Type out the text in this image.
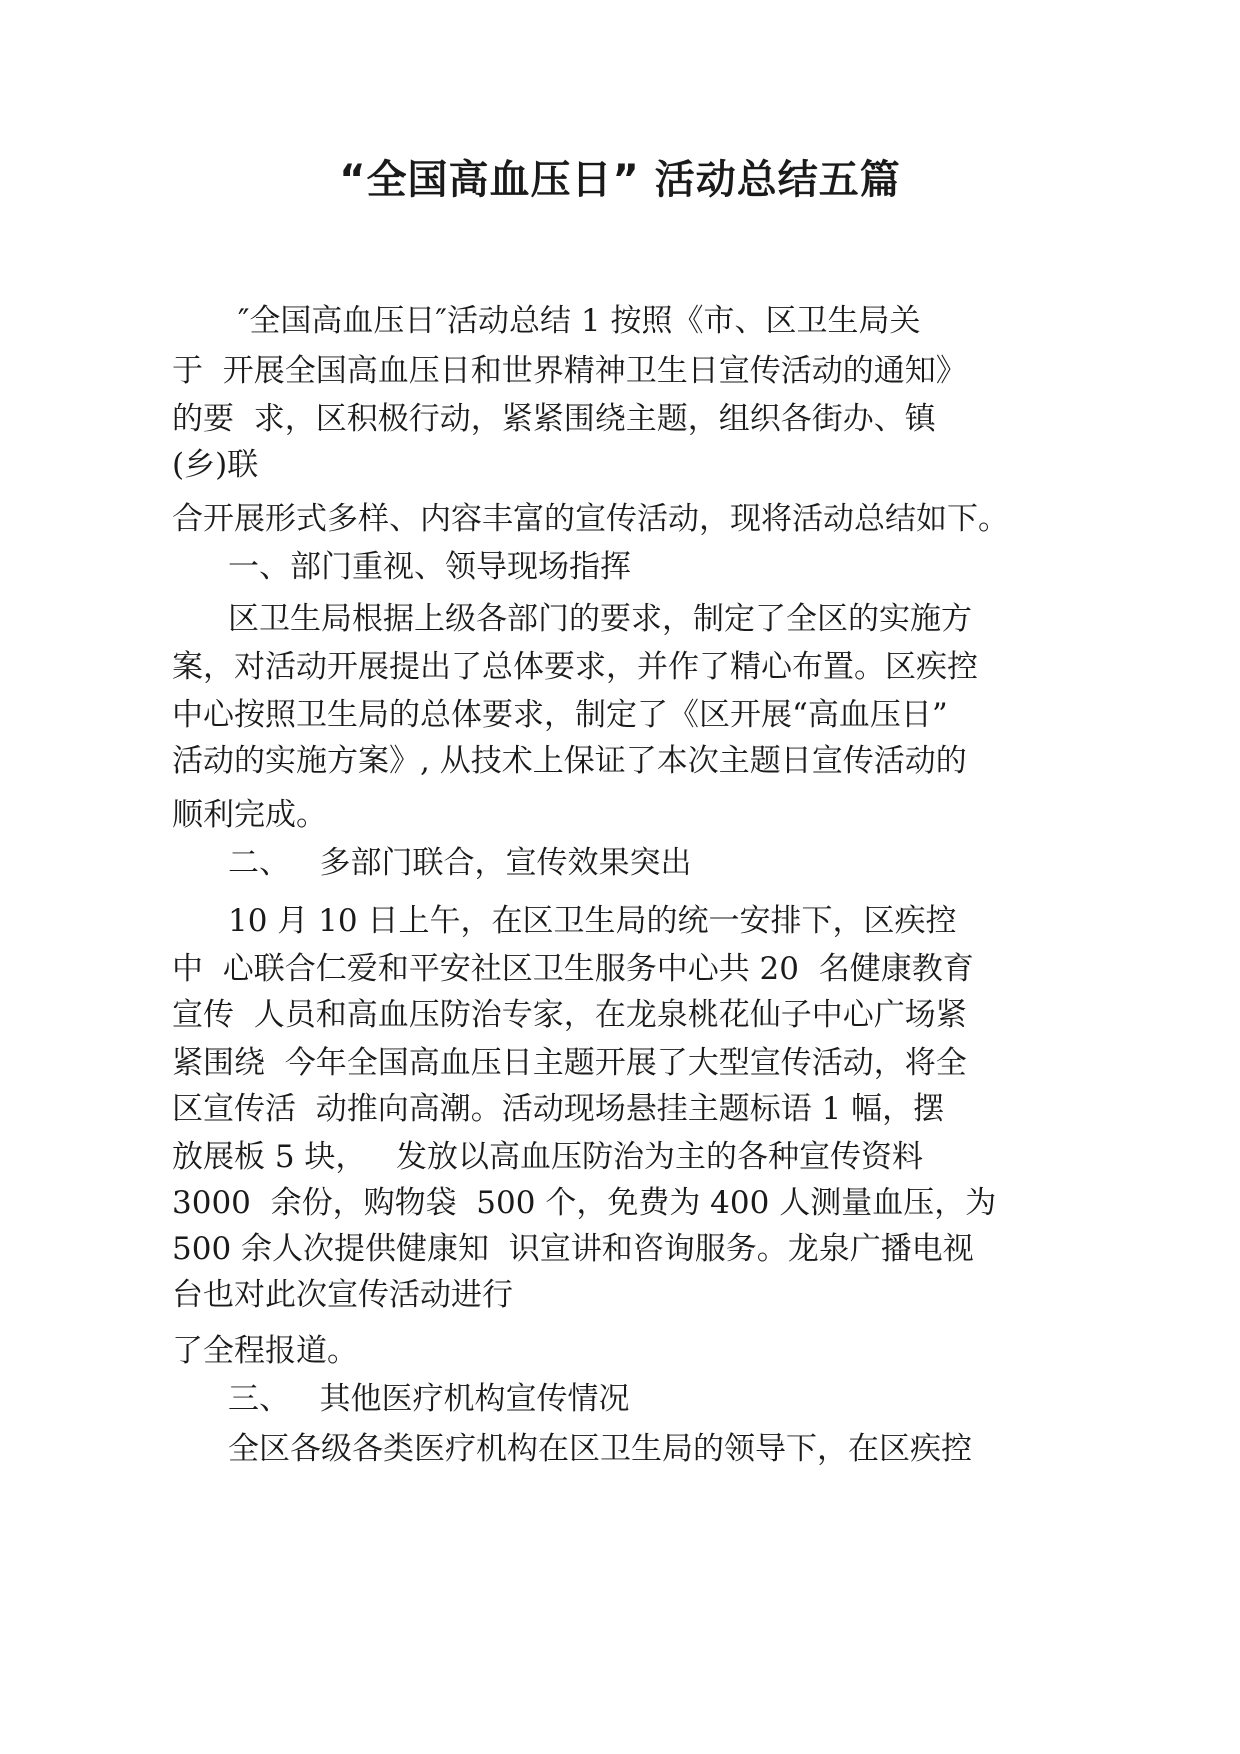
“全国高血压日” 活动总结五篇

″全国高血压日″活动总结 1 按照《市、区卫生局关

于  开展全国高血压日和世界精神卫生日宣传活动的通知》

的要  求，区积极行动，紧紧围绕主题，组织各街办、镇

(乡)联

合开展形式多样、内容丰富的宣传活动，现将活动总结如下。

一、部门重视、领导现场指挥

区卫生局根据上级各部门的要求，制定了全区的实施方

案，对活动开展提出了总体要求，并作了精心布置。区疾控

中心按照卫生局的总体要求，制定了《区开展“高血压日”

活动的实施方案》, 从技术上保证了本次主题日宣传活动的

顺利完成。

二、   多部门联合，宣传效果突出

10 月 10 日上午，在区卫生局的统一安排下，区疾控

中  心联合仁爱和平安社区卫生服务中心共 20  名健康教育

宣传  人员和高血压防治专家，在龙泉桃花仙子中心广场紧

紧围绕  今年全国高血压日主题开展了大型宣传活动，将全

区宣传活  动推向高潮。活动现场悬挂主题标语 1 幅，摆

放展板 5 块，   发放以高血压防治为主的各种宣传资料

3000  余份，购物袋  500 个，免费为 400 人测量血压，为

500 余人次提供健康知  识宣讲和咨询服务。龙泉广播电视

台也对此次宣传活动进行

了全程报道。

三、   其他医疗机构宣传情况

全区各级各类医疗机构在区卫生局的领导下，在区疾控
